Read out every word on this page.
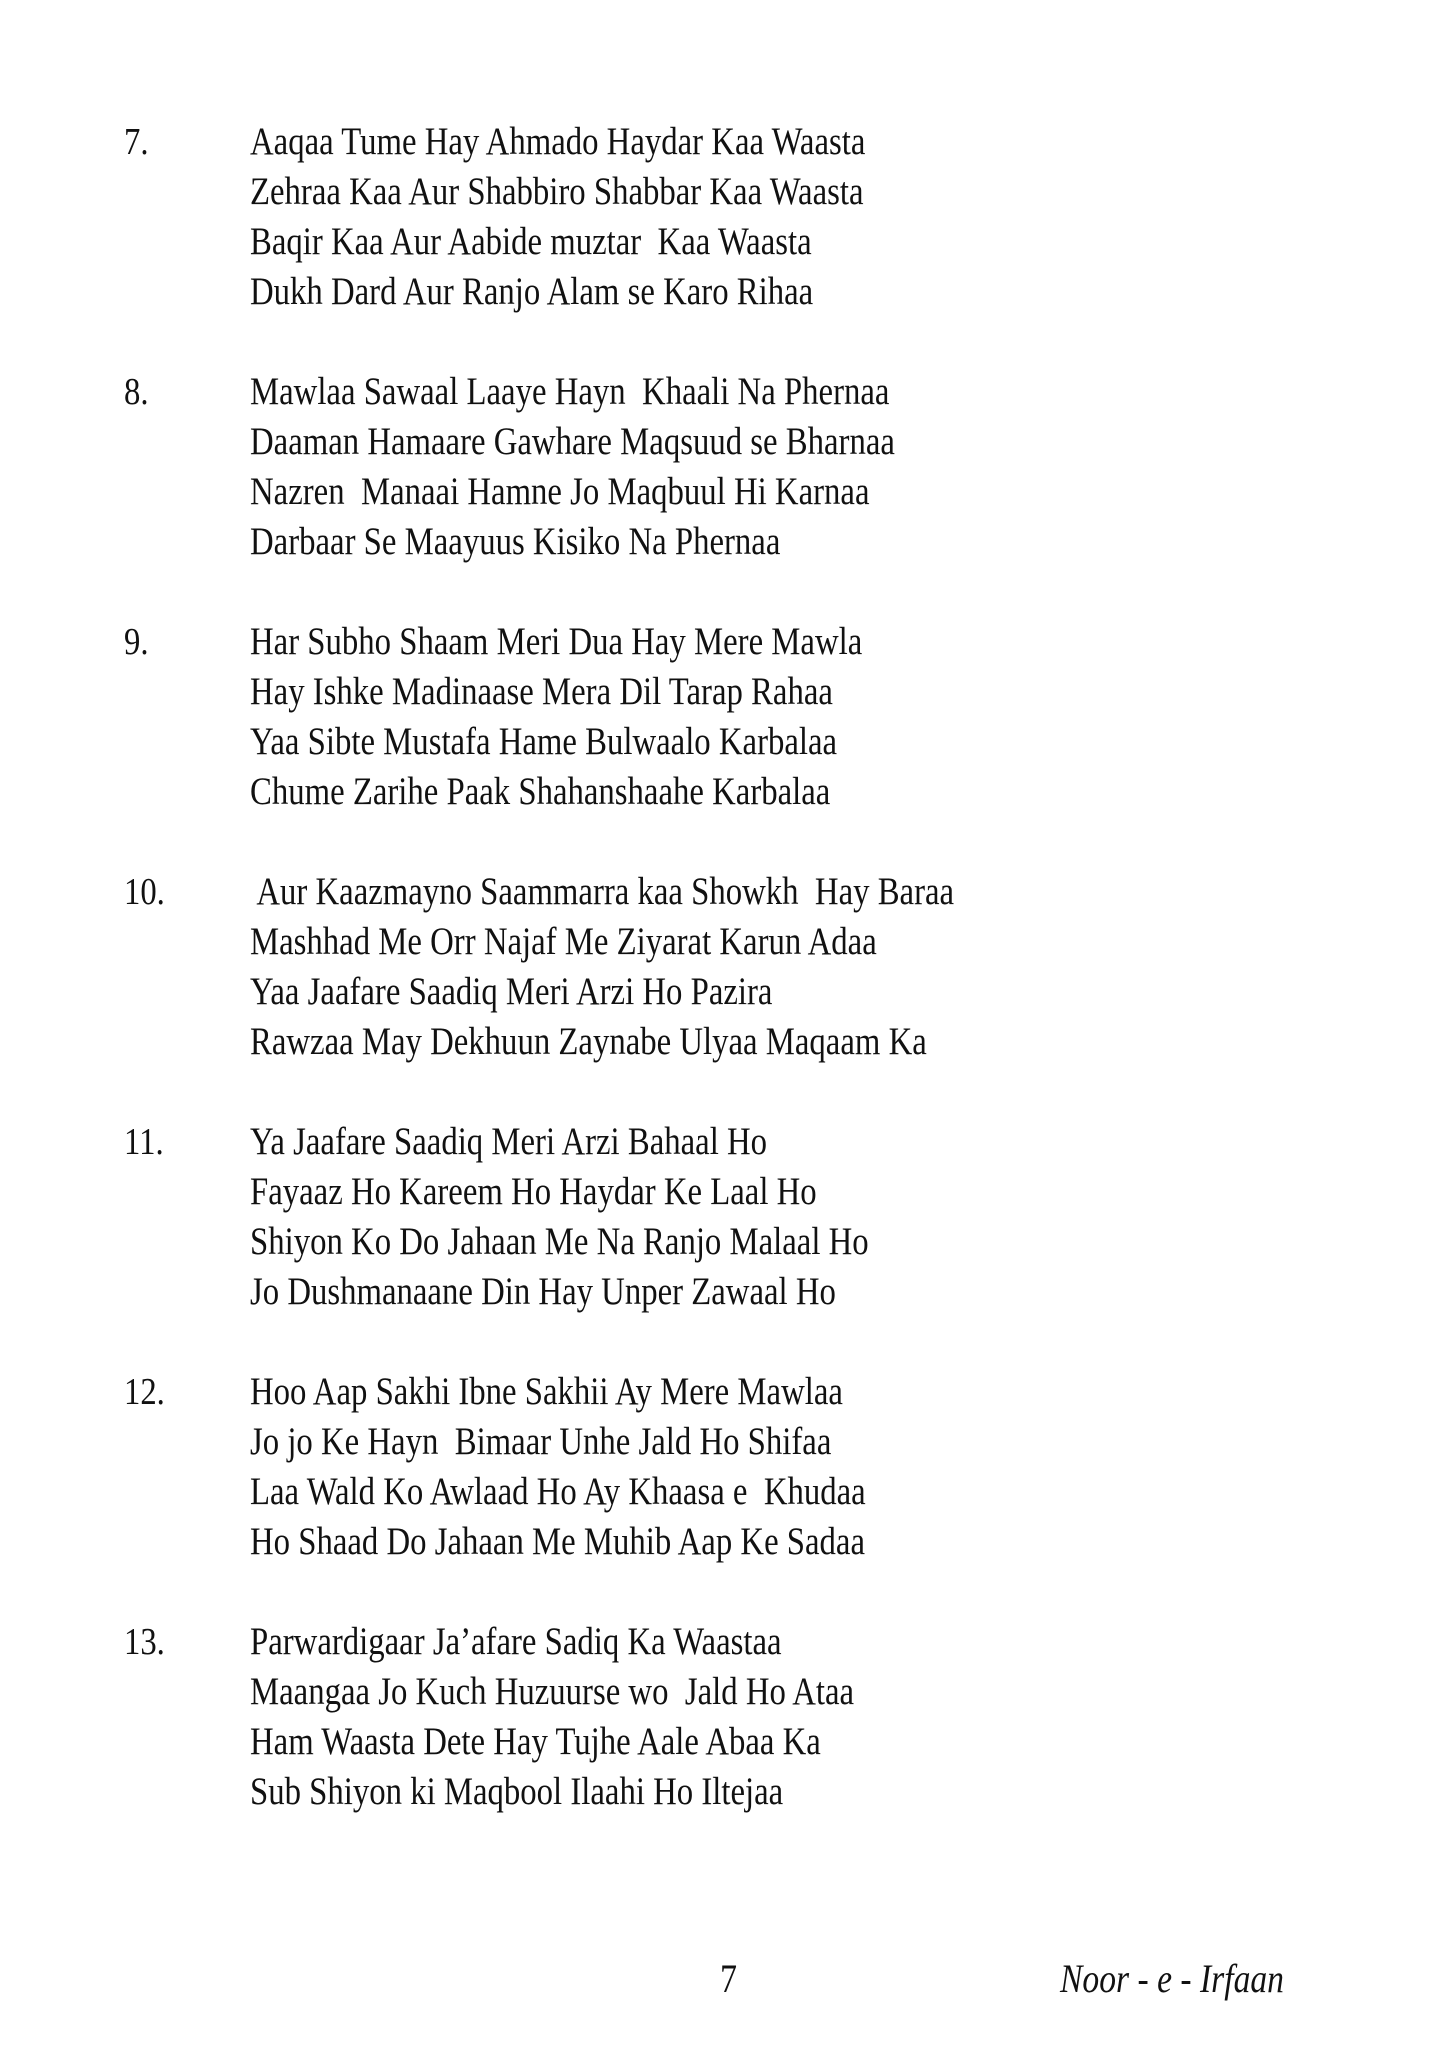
7.	Aaqaa Tume Hay Ahmado Haydar Kaa Waasta
Zehraa Kaa Aur Shabbiro Shabbar Kaa Waasta
Baqir Kaa Aur Aabide muztar  Kaa Waasta
Dukh Dard Aur Ranjo Alam se Karo Rihaa
8.	Mawlaa Sawaal Laaye Hayn  Khaali Na Phernaa
Daaman Hamaare Gawhare Maqsuud se Bharnaa
Nazren  Manaai Hamne Jo Maqbuul Hi Karnaa
Darbaar Se Maayuus Kisiko Na Phernaa
9.	Har Subho Shaam Meri Dua Hay Mere Mawla
Hay Ishke Madinaase Mera Dil Tarap Rahaa
Yaa Sibte Mustafa Hame Bulwaalo Karbalaa
Chume Zarihe Paak Shahanshaahe Karbalaa
10. Aur Kaazmayno Saammarra kaa Showkh  Hay Baraa
Mashhad Me Orr Najaf Me Ziyarat Karun Adaa
Yaa Jaafare Saadiq Meri Arzi Ho Pazira
Rawzaa May Dekhuun Zaynabe Ulyaa Maqaam Ka
11. Ya Jaafare Saadiq Meri Arzi Bahaal Ho
Fayaaz Ho Kareem Ho Haydar Ke Laal Ho
Shiyon Ko Do Jahaan Me Na Ranjo Malaal Ho
Jo Dushmanaane Din Hay Unper Zawaal Ho
12. Hoo Aap Sakhi Ibne Sakhii Ay Mere Mawlaa
Jo jo Ke Hayn  Bimaar Unhe Jald Ho Shifaa
Laa Wald Ko Awlaad Ho Ay Khaasa e  Khudaa
Ho Shaad Do Jahaan Me Muhib Aap Ke Sadaa
13. Parwardigaar Ja’afare Sadiq Ka Waastaa
Maangaa Jo Kuch Huzuurse wo  Jald Ho Ataa
Ham Waasta Dete Hay Tujhe Aale Abaa Ka
Sub Shiyon ki Maqbool Ilaahi Ho Iltejaa
7	Noor - e - Irfaan
